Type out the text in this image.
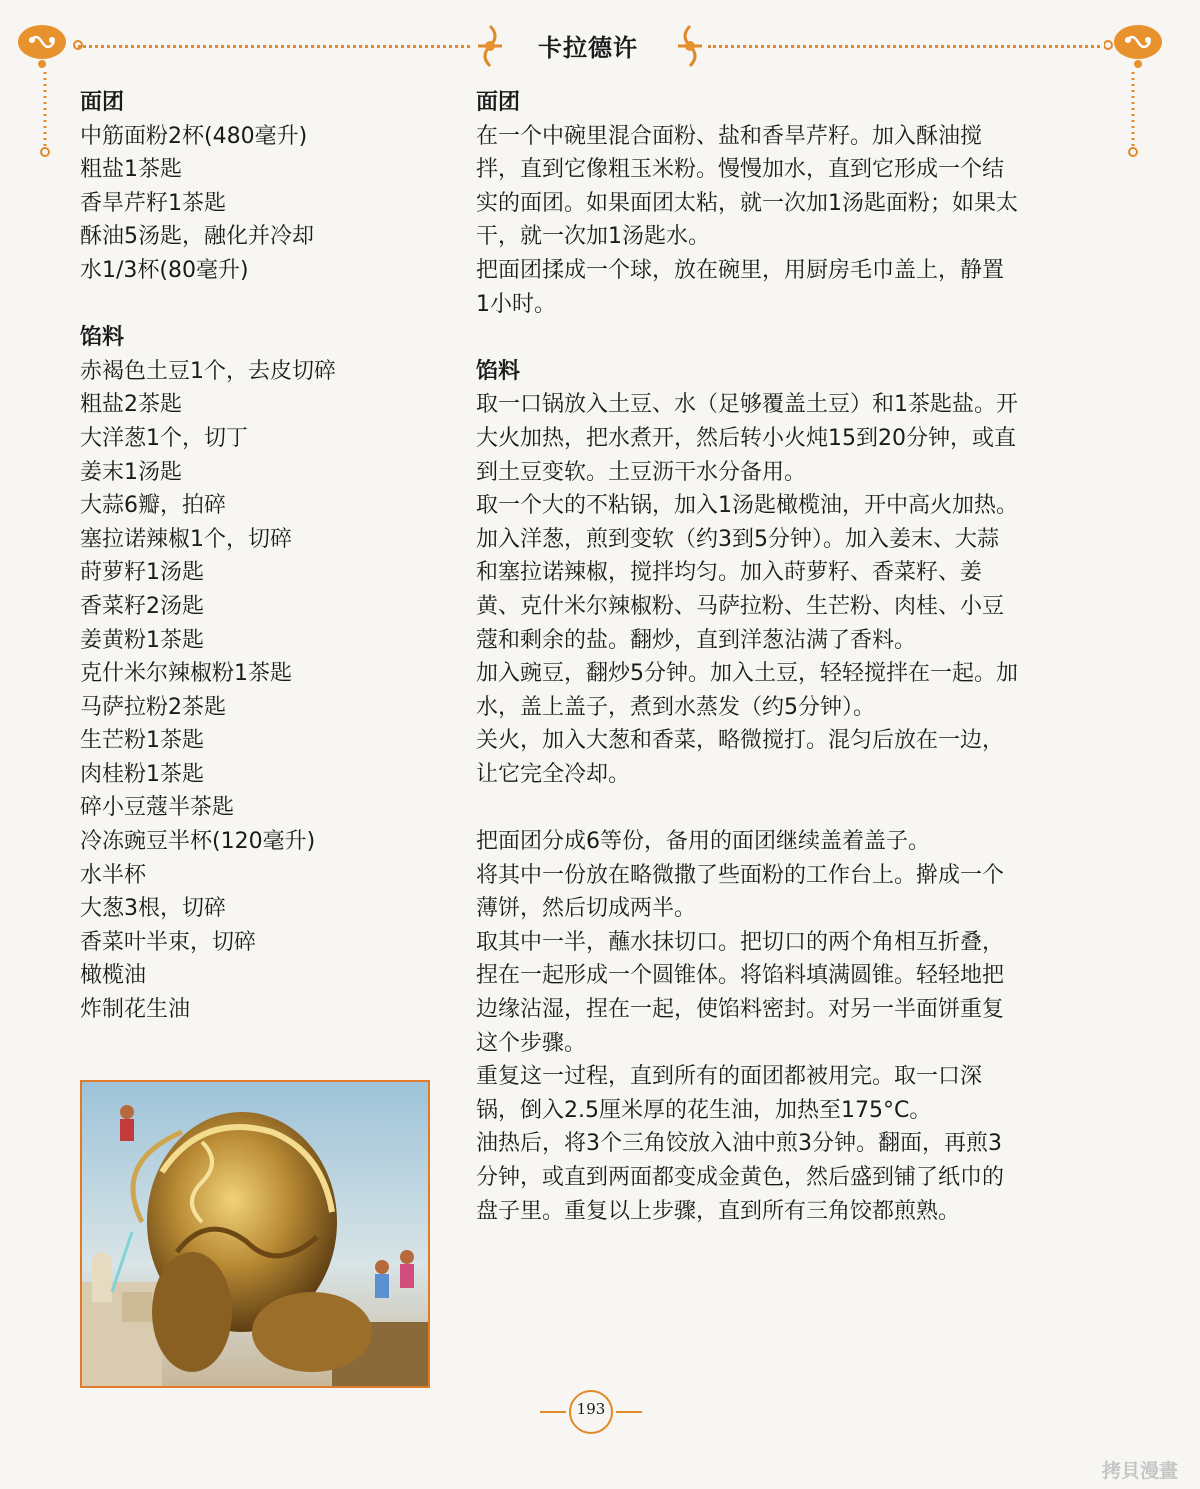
卡拉德许
面团
中筋面粉2杯(480毫升)
粗盐1茶匙
香旱芹籽1茶匙
酥油5汤匙，融化并冷却
水1/3杯(80毫升)
馅料
赤褐色土豆1个，去皮切碎
粗盐2茶匙
大洋葱1个，切丁
姜末1汤匙
大蒜6瓣，拍碎
塞拉诺辣椒1个，切碎
莳萝籽1汤匙
香菜籽2汤匙
姜黄粉1茶匙
克什米尔辣椒粉1茶匙
马萨拉粉2茶匙
生芒粉1茶匙
肉桂粉1茶匙
碎小豆蔻半茶匙
冷冻豌豆半杯(120毫升)
水半杯
大葱3根，切碎
香菜叶半束，切碎
橄榄油
炸制花生油
面团
在一个中碗里混合面粉、盐和香旱芹籽。加入酥油搅
拌，直到它像粗玉米粉。慢慢加水，直到它形成一个结
实的面团。如果面团太粘，就一次加1汤匙面粉；如果太
干，就一次加1汤匙水。
把面团揉成一个球，放在碗里，用厨房毛巾盖上，静置
1小时。
馅料
取一口锅放入土豆、水（足够覆盖土豆）和1茶匙盐。开
大火加热，把水煮开，然后转小火炖15到20分钟，或直
到土豆变软。土豆沥干水分备用。
取一个大的不粘锅，加入1汤匙橄榄油，开中高火加热。
加入洋葱，煎到变软（约3到5分钟）。加入姜末、大蒜
和塞拉诺辣椒，搅拌均匀。加入莳萝籽、香菜籽、姜
黄、克什米尔辣椒粉、马萨拉粉、生芒粉、肉桂、小豆
蔻和剩余的盐。翻炒，直到洋葱沾满了香料。
加入豌豆，翻炒5分钟。加入土豆，轻轻搅拌在一起。加
水，盖上盖子，煮到水蒸发（约5分钟）。
关火，加入大葱和香菜，略微搅打。混匀后放在一边，
让它完全冷却。
把面团分成6等份，备用的面团继续盖着盖子。
将其中一份放在略微撒了些面粉的工作台上。擀成一个
薄饼，然后切成两半。
取其中一半，蘸水抹切口。把切口的两个角相互折叠，
捏在一起形成一个圆锥体。将馅料填满圆锥。轻轻地把
边缘沾湿，捏在一起，使馅料密封。对另一半面饼重复
这个步骤。
重复这一过程，直到所有的面团都被用完。取一口深
锅，倒入2.5厘米厚的花生油，加热至175°C。
油热后，将3个三角饺放入油中煎3分钟。翻面，再煎3
分钟，或直到两面都变成金黄色，然后盛到铺了纸巾的
盘子里。重复以上步骤，直到所有三角饺都煎熟。
193
拷貝漫畫
